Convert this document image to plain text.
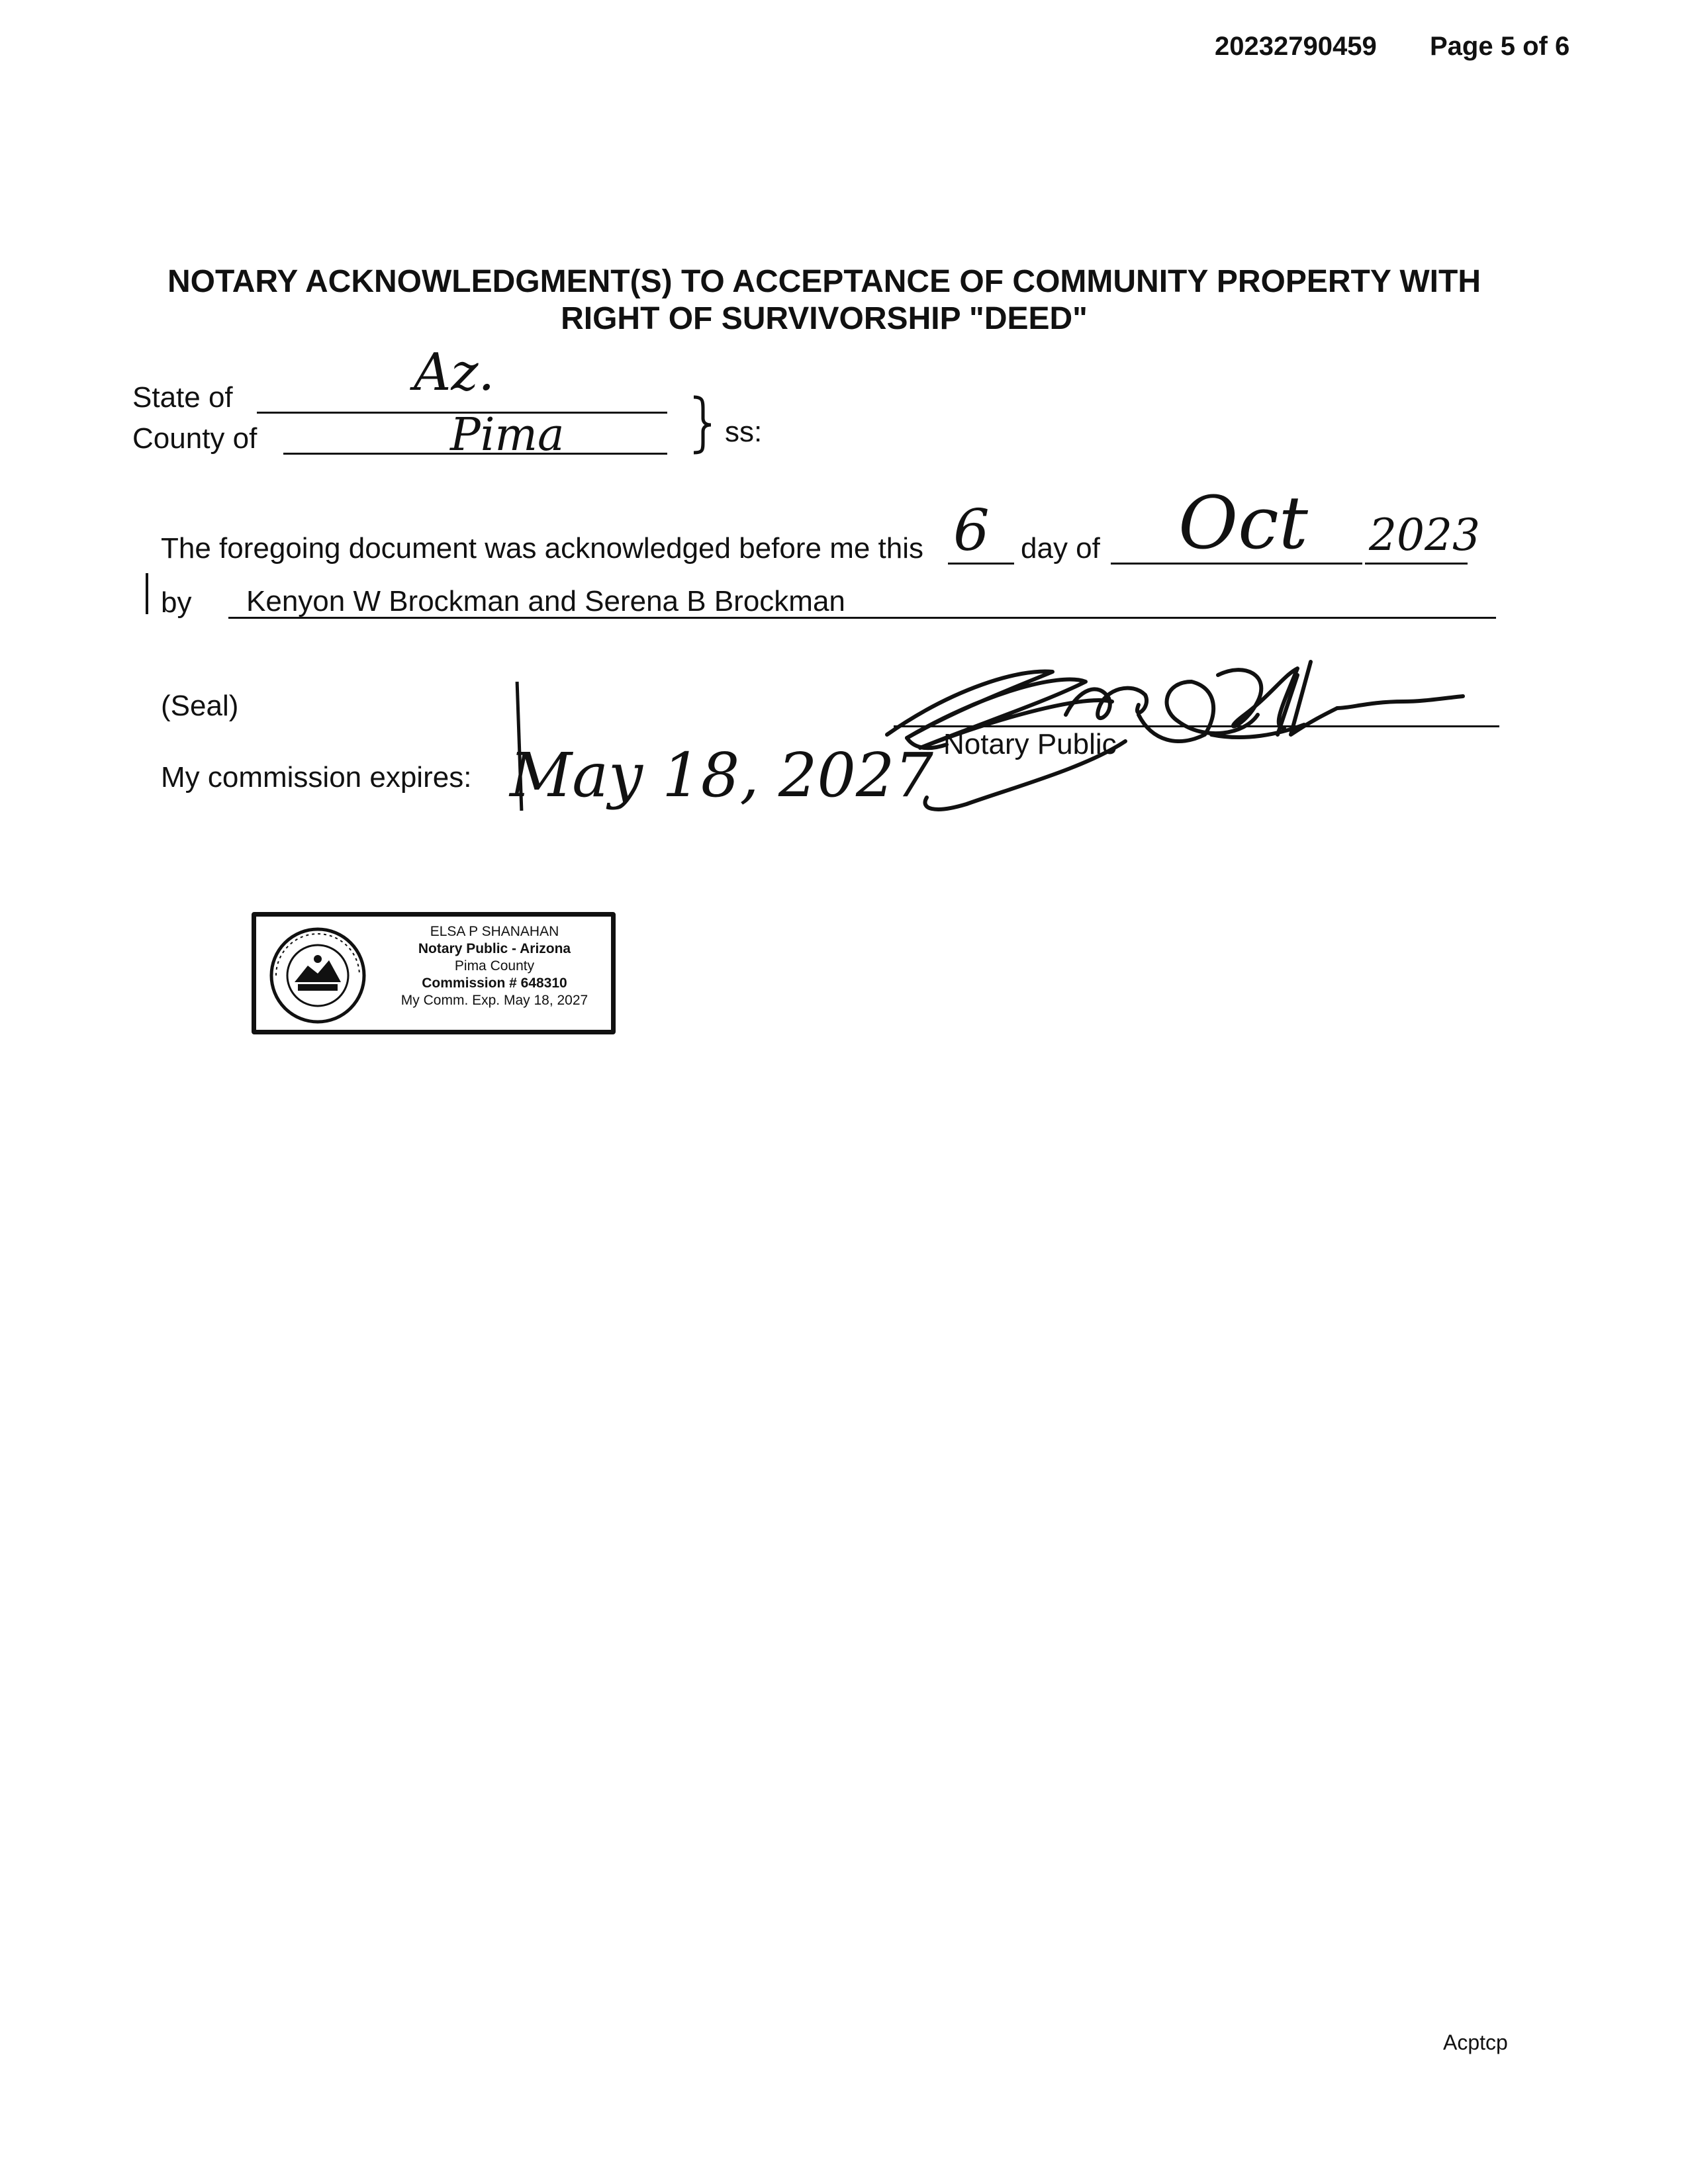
20232790459 Page 5 of 6
NOTARY ACKNOWLEDGMENT(S) TO ACCEPTANCE OF COMMUNITY PROPERTY WITH
RIGHT OF SURVIVORSHIP "DEED"
State of	Az.
County of	Pima	ss:
The foregoing document was acknowledged before me this 6 day of Oct 2023
by Kenyon W Brockman and Serena B Brockman
(Seal)
My commission expires: May 18, 2027 Notary Public
ELSA P SHANAHAN
Notary Public - Arizona
Pima County
Commission # 648310
My Comm. Exp. May 18, 2027
Acptcp
